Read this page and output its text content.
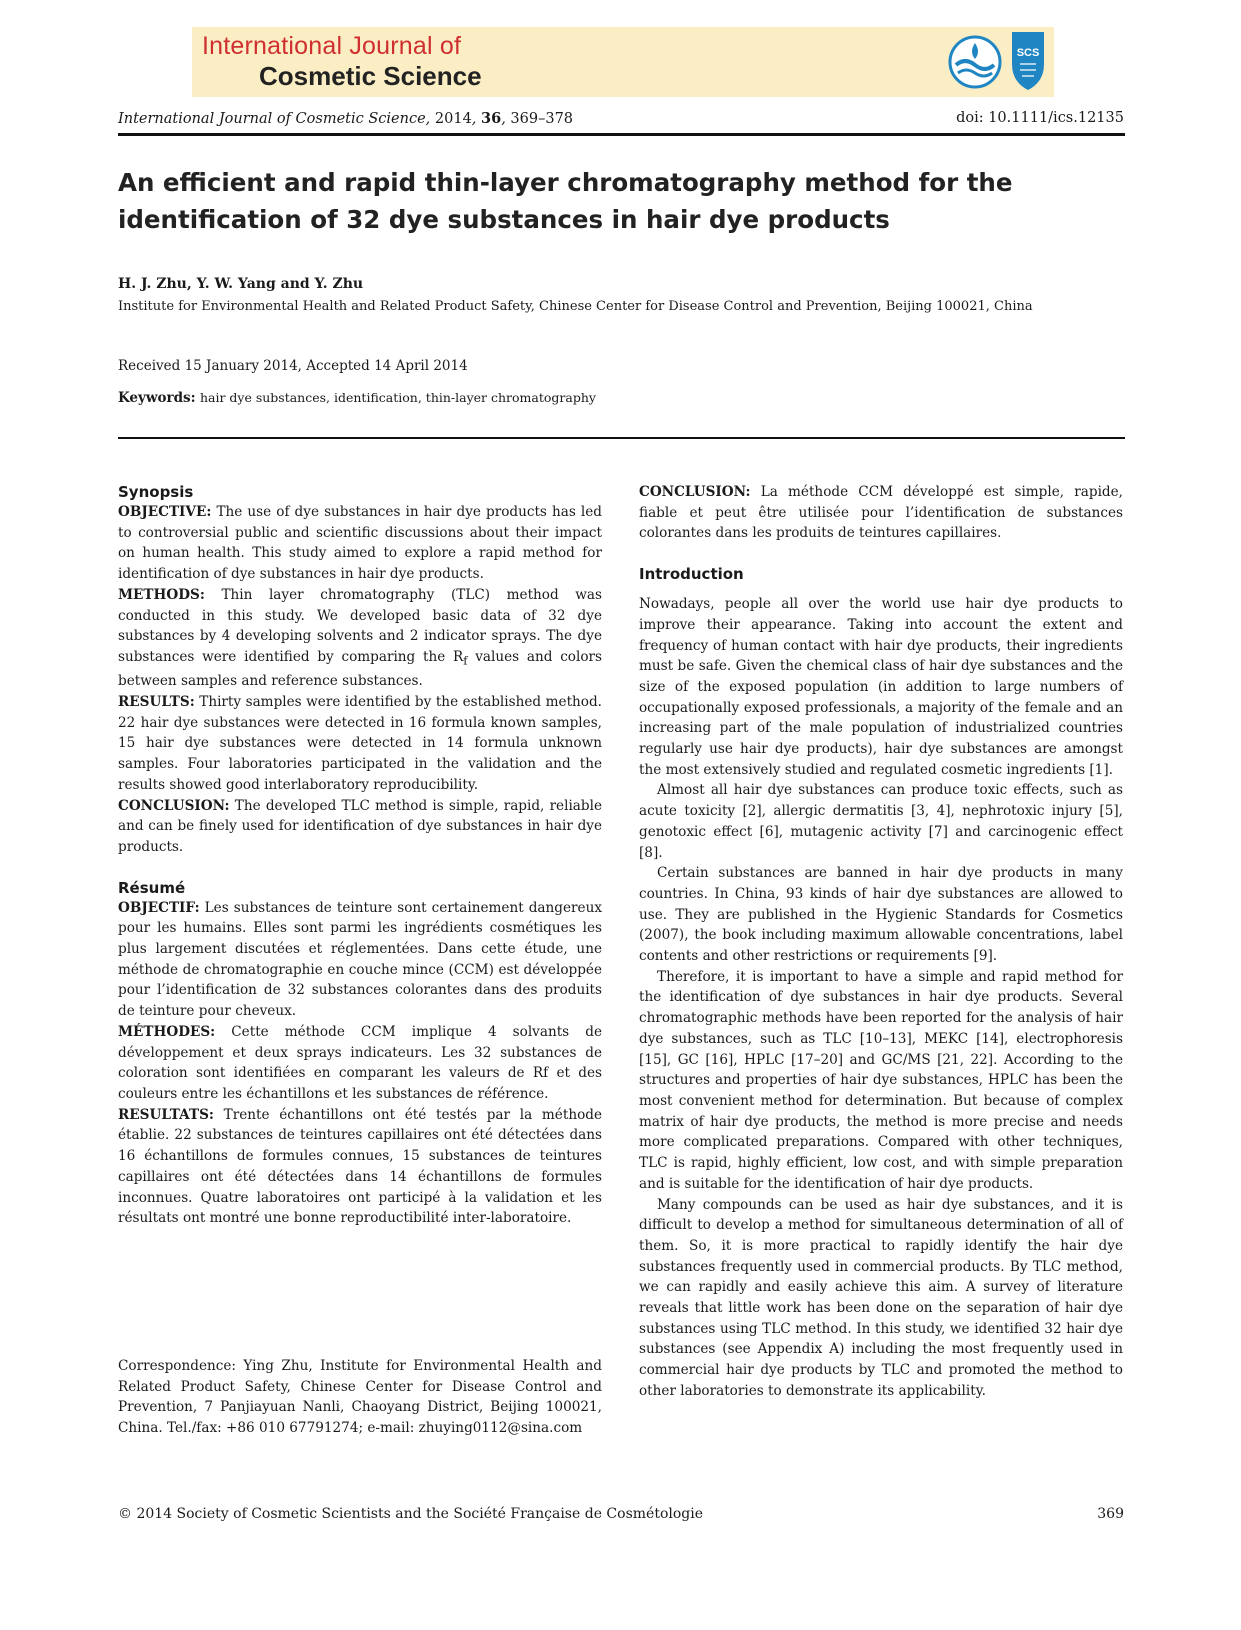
International Journal of
Cosmetic Science
SCS
International Journal of Cosmetic Science, 2014, 36, 369–378	doi: 10.1111/ics.12135
An efficient and rapid thin-layer chromatography method for the
identification of 32 dye substances in hair dye products
H. J. Zhu, Y. W. Yang and Y. Zhu
Institute for Environmental Health and Related Product Safety, Chinese Center for Disease Control and Prevention, Beijing 100021, China
Received 15 January 2014, Accepted 14 April 2014
Keywords: hair dye substances, identification, thin-layer chromatography
Synopsis

OBJECTIVE: The use of dye substances in hair dye products has led to controversial public and scientific discussions about their impact on human health. This study aimed to explore a rapid method for identification of dye substances in hair dye products.

METHODS: Thin layer chromatography (TLC) method was conducted in this study. We developed basic data of 32 dye substances by 4 developing solvents and 2 indicator sprays. The dye substances were identified by comparing the $R_f$ values and colors between samples and reference substances.

RESULTS: Thirty samples were identified by the established method. 22 hair dye substances were detected in 16 formula known samples, 15 hair dye substances were detected in 14 formula unknown samples. Four laboratories participated in the validation and the results showed good interlaboratory reproducibility.

CONCLUSION: The developed TLC method is simple, rapid, reliable and can be finely used for identification of dye substances in hair dye products.

Résumé

OBJECTIF: Les substances de teinture sont certainement dangereux pour les humains. Elles sont parmi les ingrédients cosmétiques les plus largement discutées et réglementées. Dans cette étude, une méthode de chromatographie en couche mince (CCM) est développée pour l’identification de 32 substances colorantes dans des produits de teinture pour cheveux.

MÉTHODES: Cette méthode CCM implique 4 solvants de développement et deux sprays indicateurs. Les 32 substances de coloration sont identifiées en comparant les valeurs de Rf et des couleurs entre les échantillons et les substances de référence.

RESULTATS: Trente échantillons ont été testés par la méthode établie. 22 substances de teintures capillaires ont été détectées dans 16 échantillons de formules connues, 15 substances de teintures capillaires ont été détectées dans 14 échantillons de formules inconnues. Quatre laboratoires ont participé à la validation et les résultats ont montré une bonne reproductibilité inter-laboratoire.

Correspondence: Ying Zhu, Institute for Environmental Health and Related Product Safety, Chinese Center for Disease Control and Prevention, 7 Panjiayuan Nanli, Chaoyang District, Beijing 100021, China. Tel./fax: +86 010 67791274; e-mail: zhuying0112@sina.com

CONCLUSION: La méthode CCM développé est simple, rapide, fiable et peut être utilisée pour l’identification de substances colorantes dans les produits de teintures capillaires.

Introduction

Nowadays, people all over the world use hair dye products to improve their appearance. Taking into account the extent and frequency of human contact with hair dye products, their ingredients must be safe. Given the chemical class of hair dye substances and the size of the exposed population (in addition to large numbers of occupationally exposed professionals, a majority of the female and an increasing part of the male population of industrialized countries regularly use hair dye products), hair dye substances are amongst the most extensively studied and regulated cosmetic ingredients [1].

Almost all hair dye substances can produce toxic effects, such as acute toxicity [2], allergic dermatitis [3, 4], nephrotoxic injury [5], genotoxic effect [6], mutagenic activity [7] and carcinogenic effect [8].

Certain substances are banned in hair dye products in many countries. In China, 93 kinds of hair dye substances are allowed to use. They are published in the Hygienic Standards for Cosmetics (2007), the book including maximum allowable concentrations, label contents and other restrictions or requirements [9].

Therefore, it is important to have a simple and rapid method for the identification of dye substances in hair dye products. Several chromatographic methods have been reported for the analysis of hair dye substances, such as TLC [10–13], MEKC [14], electrophoresis [15], GC [16], HPLC [17–20] and GC/MS [21, 22]. According to the structures and properties of hair dye substances, HPLC has been the most convenient method for determination. But because of complex matrix of hair dye products, the method is more precise and needs more complicated preparations. Compared with other techniques, TLC is rapid, highly efficient, low cost, and with simple preparation and is suitable for the identification of hair dye products.

Many compounds can be used as hair dye substances, and it is difficult to develop a method for simultaneous determination of all of them. So, it is more practical to rapidly identify the hair dye substances frequently used in commercial products. By TLC method, we can rapidly and easily achieve this aim. A survey of literature reveals that little work has been done on the separation of hair dye substances using TLC method. In this study, we identified 32 hair dye substances (see Appendix A) including the most frequently used in commercial hair dye products by TLC and promoted the method to other laboratories to demonstrate its applicability.

© 2014 Society of Cosmetic Scientists and the Société Française de Cosmétologie	369
